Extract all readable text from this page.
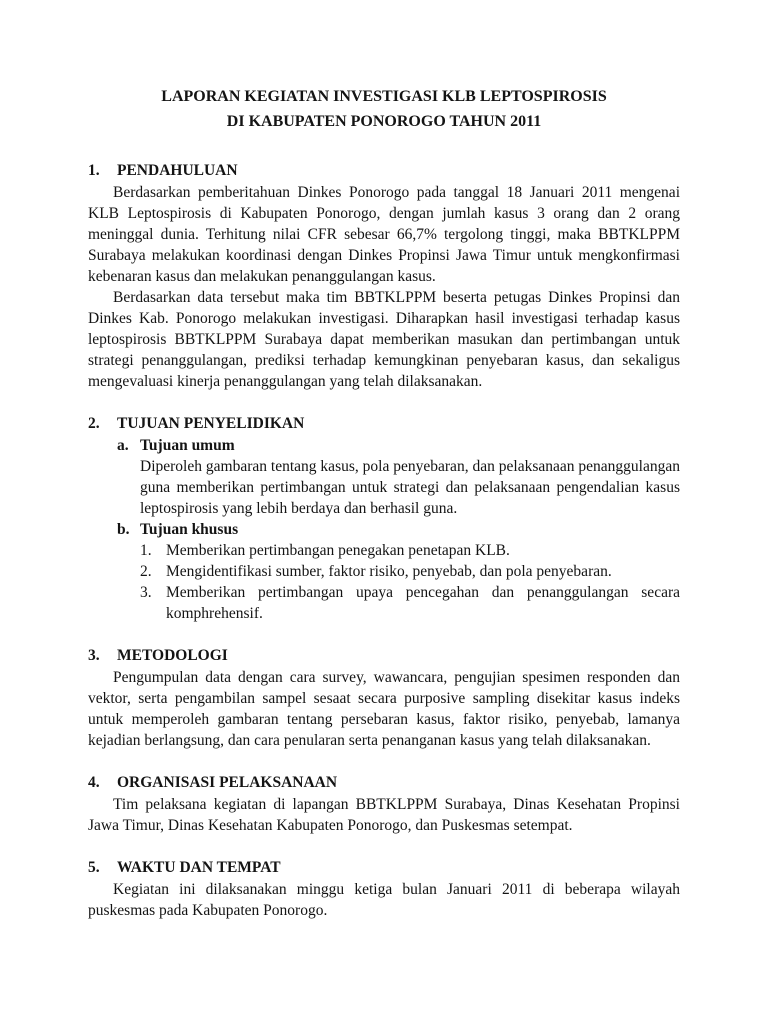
LAPORAN KEGIATAN INVESTIGASI KLB LEPTOSPIROSIS
DI KABUPATEN PONOROGO TAHUN 2011
1.	PENDAHULUAN

Berdasarkan pemberitahuan Dinkes Ponorogo pada tanggal 18 Januari 2011 mengenai KLB Leptospirosis di Kabupaten Ponorogo, dengan jumlah kasus 3 orang dan 2 orang meninggal dunia. Terhitung nilai CFR sebesar 66,7% tergolong tinggi, maka BBTKLPPM Surabaya melakukan koordinasi dengan Dinkes Propinsi Jawa Timur untuk mengkonfirmasi kebenaran kasus dan melakukan penanggulangan kasus.

Berdasarkan data tersebut maka tim BBTKLPPM beserta petugas Dinkes Propinsi dan Dinkes Kab. Ponorogo melakukan investigasi. Diharapkan hasil investigasi terhadap kasus leptospirosis BBTKLPPM Surabaya dapat memberikan masukan dan pertimbangan untuk strategi penanggulangan, prediksi terhadap kemungkinan penyebaran kasus, dan sekaligus mengevaluasi kinerja penanggulangan yang telah dilaksanakan.

2.	TUJUAN PENYELIDIKAN
a. Tujuan umum

Diperoleh gambaran tentang kasus, pola penyebaran, dan pelaksanaan penanggulangan guna memberikan pertimbangan untuk strategi dan pelaksanaan pengendalian kasus leptospirosis yang lebih berdaya dan berhasil guna.

b. Tujuan khusus
1. Memberikan pertimbangan penegakan penetapan KLB.

2. Mengidentifikasi sumber, faktor risiko, penyebab, dan pola penyebaran.

3. Memberikan pertimbangan upaya pencegahan dan penanggulangan secara komphrehensif.

3.	METODOLOGI

Pengumpulan data dengan cara survey, wawancara, pengujian spesimen responden dan vektor, serta pengambilan sampel sesaat secara purposive sampling disekitar kasus indeks untuk memperoleh gambaran tentang persebaran kasus, faktor risiko, penyebab, lamanya kejadian berlangsung, dan cara penularan serta penanganan kasus yang telah dilaksanakan.

4.	ORGANISASI PELAKSANAAN

Tim pelaksana kegiatan di lapangan BBTKLPPM Surabaya, Dinas Kesehatan Propinsi Jawa Timur, Dinas Kesehatan Kabupaten Ponorogo, dan Puskesmas setempat.

5.	WAKTU DAN TEMPAT

Kegiatan ini dilaksanakan minggu ketiga bulan Januari 2011 di beberapa wilayah puskesmas pada Kabupaten Ponorogo.
